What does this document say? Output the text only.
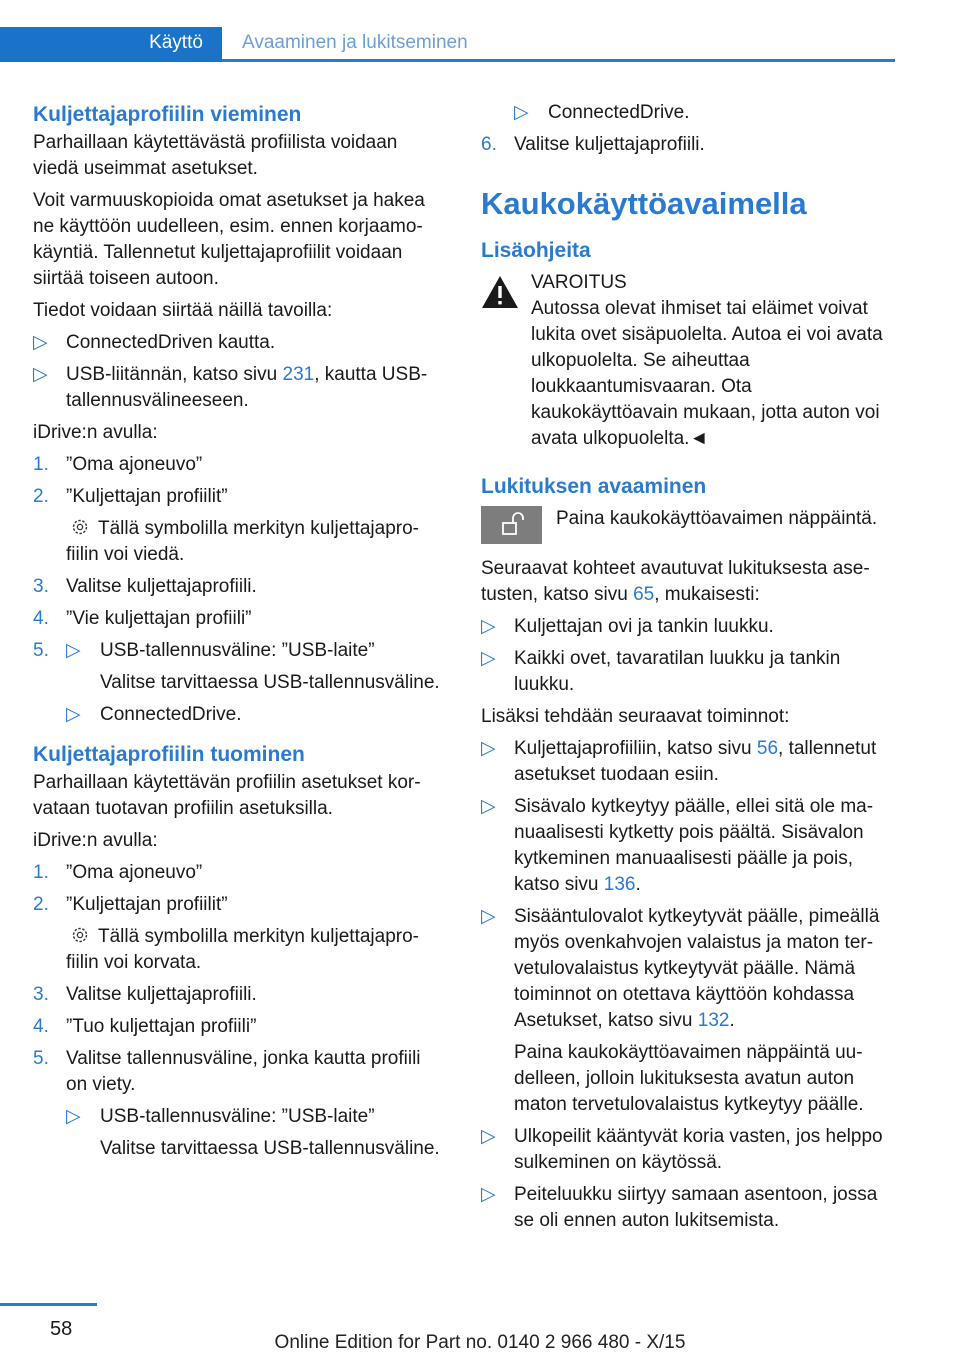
Käyttö	Avaaminen ja lukitseminen
Kuljettajaprofiilin vieminen

Parhaillaan käytettävästä profiilista voidaan viedä useimmat asetukset.

Voit varmuuskopioida omat asetukset ja hakea ne käyttöön uudelleen, esim. ennen korjaamokäyntiä. Tallennetut kuljettajaprofiilit voidaan siirtää toiseen autoon.

Tiedot voidaan siirtää näillä tavoilla:

▷ ConnectedDriven kautta.
▷ USB-liitännän, katso sivu 231, kautta USB-tallennusvälineeseen.

iDrive:n avulla:

1. ”Oma ajoneuvo”
2. ”Kuljettajan profiilit”
Tällä symbolilla merkityn kuljettajaprofiilin voi viedä.
3. Valitse kuljettajaprofiili.
4. ”Vie kuljettajan profiili”
5. ▷ USB-tallennusväline: ”USB-laite”
Valitse tarvittaessa USB-tallennusväline.
▷ ConnectedDrive.
Kuljettajaprofiilin tuominen

Parhaillaan käytettävän profiilin asetukset korvataan tuotavan profiilin asetuksilla.

iDrive:n avulla:

1. ”Oma ajoneuvo”
2. ”Kuljettajan profiilit”
Tällä symbolilla merkityn kuljettajaprofiilin voi korvata.
3. Valitse kuljettajaprofiili.
4. ”Tuo kuljettajan profiili”
5. Valitse tallennusväline, jonka kautta profiili on viety.
▷ USB-tallennusväline: ”USB-laite”
Valitse tarvittaessa USB-tallennusväline.
▷ ConnectedDrive.
6. Valitse kuljettajaprofiili.
Kaukokäyttöavaimella
Lisäohjeita
VAROITUS
Autossa olevat ihmiset tai eläimet voivat lukita ovet sisäpuolelta. Autoa ei voi avata ulkopuolelta. Se aiheuttaa loukkaantumisvaaran. Ota kaukokäyttöavain mukaan, jotta auton voi avata ulkopuolelta.◄
Lukituksen avaaminen
Paina kaukokäyttöavaimen näppäintä.

Seuraavat kohteet avautuvat lukituksesta asetusten, katso sivu 65, mukaisesti:

▷ Kuljettajan ovi ja tankin luukku.
▷ Kaikki ovet, tavaratilan luukku ja tankin luukku.

Lisäksi tehdään seuraavat toiminnot:

▷ Kuljettajaprofiiliin, katso sivu 56, tallennetut asetukset tuodaan esiin.
▷ Sisävalo kytkeytyy päälle, ellei sitä ole manuaalisesti kytketty pois päältä. Sisävalon kytkeminen manuaalisesti päälle ja pois, katso sivu 136.
▷ Sisääntulovalot kytkeytyvät päälle, pimeällä myös ovenkahvojen valaistus ja maton tervetulovalaistus kytkeytyvät päälle. Nämä toiminnot on otettava käyttöön kohdassa Asetukset, katso sivu 132.
Paina kaukokäyttöavaimen näppäintä uudelleen, jolloin lukituksesta avatun auton maton tervetulovalaistus kytkeytyy päälle.
▷ Ulkopeilit kääntyvät koria vasten, jos helppo sulkeminen on käytössä.
▷ Peiteluukku siirtyy samaan asentoon, jossa se oli ennen auton lukitsemista.
58
Online Edition for Part no. 0140 2 966 480 - X/15
